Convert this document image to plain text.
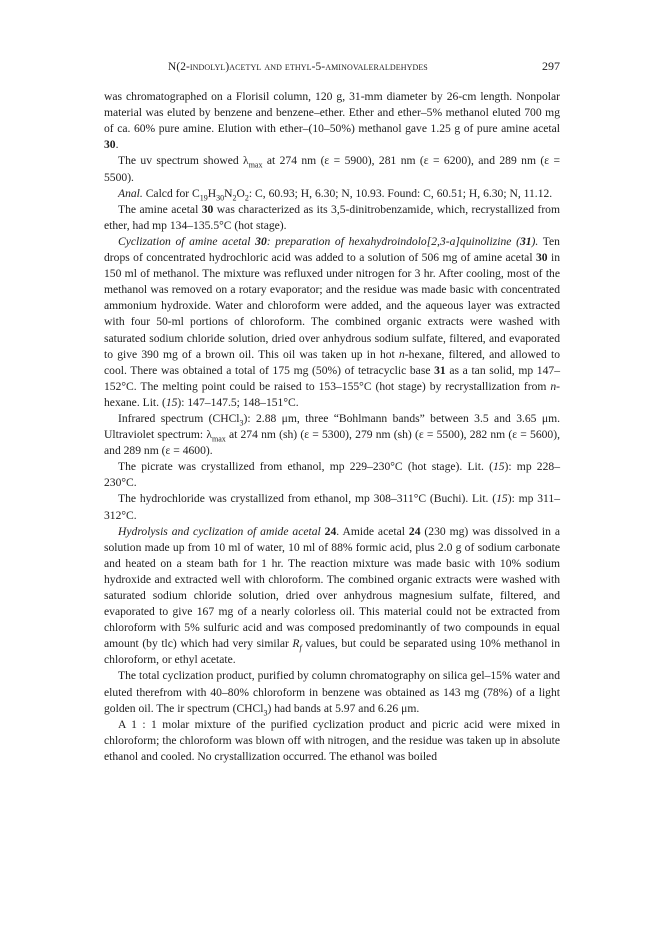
N(2-indolyl)acetyl and ethyl-5-aminovaleraldehydes	297

was chromatographed on a Florisil column, 120 g, 31-mm diameter by 26-cm length. Nonpolar material was eluted by benzene and benzene–ether. Ether and ether–5% methanol eluted 700 mg of ca. 60% pure amine. Elution with ether–(10–50%) methanol gave 1.25 g of pure amine acetal 30.

The uv spectrum showed $\lambda_{max}$ at 274 nm (ε = 5900), 281 nm (ε = 6200), and 289 nm (ε = 5500).

Anal. Calcd for $C_{19}H_{30}N_2O_2$: C, 60.93; H, 6.30; N, 10.93. Found: C, 60.51; H, 6.30; N, 11.12.

The amine acetal 30 was characterized as its 3,5-dinitrobenzamide, which, recrystallized from ether, had mp 134–135.5°C (hot stage).

Cyclization of amine acetal 30: preparation of hexahydroindolo[2,3-a]quinolizine (31). Ten drops of concentrated hydrochloric acid was added to a solution of 506 mg of amine acetal 30 in 150 ml of methanol. The mixture was refluxed under nitrogen for 3 hr. After cooling, most of the methanol was removed on a rotary evaporator; and the residue was made basic with concentrated ammonium hydroxide. Water and chloroform were added, and the aqueous layer was extracted with four 50-ml portions of chloroform. The combined organic extracts were washed with saturated sodium chloride solution, dried over anhydrous sodium sulfate, filtered, and evaporated to give 390 mg of a brown oil. This oil was taken up in hot n-hexane, filtered, and allowed to cool. There was obtained a total of 175 mg (50%) of tetracyclic base 31 as a tan solid, mp 147–152°C. The melting point could be raised to 153–155°C (hot stage) by recrystallization from n-hexane. Lit. (15): 147–147.5; 148–151°C.

Infrared spectrum (CHCl$_3$): 2.88 μm, three “Bohlmann bands” between 3.5 and 3.65 μm. Ultraviolet spectrum: $\lambda_{max}$ at 274 nm (sh) (ε = 5300), 279 nm (sh) (ε = 5500), 282 nm (ε = 5600), and 289 nm (ε = 4600).

The picrate was crystallized from ethanol, mp 229–230°C (hot stage). Lit. (15): mp 228–230°C.

The hydrochloride was crystallized from ethanol, mp 308–311°C (Buchi). Lit. (15): mp 311–312°C.

Hydrolysis and cyclization of amide acetal 24. Amide acetal 24 (230 mg) was dissolved in a solution made up from 10 ml of water, 10 ml of 88% formic acid, plus 2.0 g of sodium carbonate and heated on a steam bath for 1 hr. The reaction mixture was made basic with 10% sodium hydroxide and extracted well with chloroform. The combined organic extracts were washed with saturated sodium chloride solution, dried over anhydrous magnesium sulfate, filtered, and evaporated to give 167 mg of a nearly colorless oil. This material could not be extracted from chloroform with 5% sulfuric acid and was composed predominantly of two compounds in equal amount (by tlc) which had very similar $R_f$ values, but could be separated using 10% methanol in chloroform, or ethyl acetate.

The total cyclization product, purified by column chromatography on silica gel–15% water and eluted therefrom with 40–80% chloroform in benzene was obtained as 143 mg (78%) of a light golden oil. The ir spectrum (CHCl$_3$) had bands at 5.97 and 6.26 μm.

A 1 : 1 molar mixture of the purified cyclization product and picric acid were mixed in chloroform; the chloroform was blown off with nitrogen, and the residue was taken up in absolute ethanol and cooled. No crystallization occurred. The ethanol was boiled
